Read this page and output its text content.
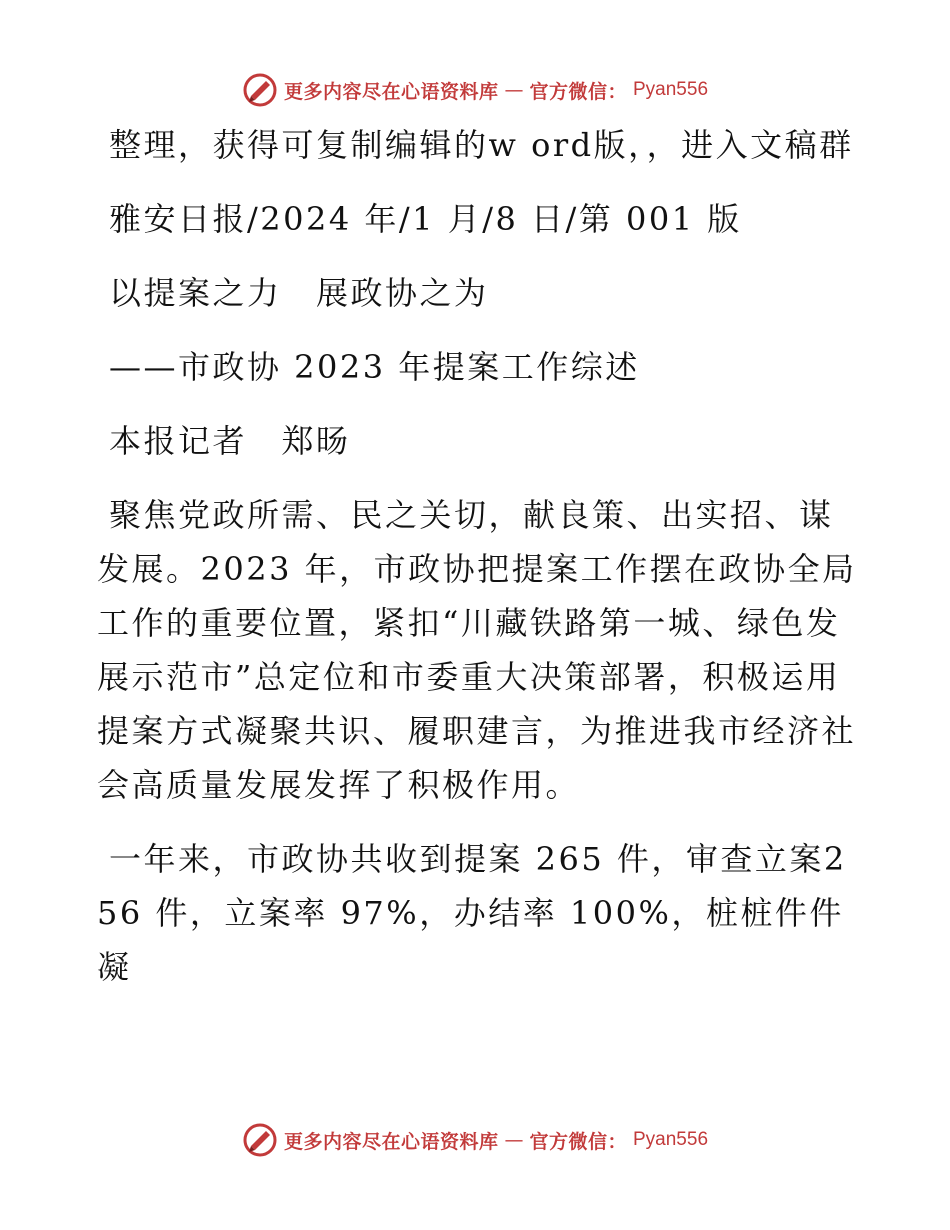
更多内容尽在心语资料库 — 官方微信： Pyan556

整理，获得可复制编辑的w ord版，，进入文稿群

雅安日报/2024 年/1 月/8 日/第 001 版

以提案之力　展政协之为

——市政协 2023 年提案工作综述

本报记者　郑旸

聚焦党政所需、民之关切，献良策、出实招、谋发展。2023 年，市政协把提案工作摆在政协全局工作的重要位置，紧扣“川藏铁路第一城、绿色发展示范市”总定位和市委重大决策部署，积极运用提案方式凝聚共识、履职建言，为推进我市经济社会高质量发展发挥了积极作用。

一年来，市政协共收到提案 265 件，审查立案256 件，立案率 97%，办结率 100%，桩桩件件凝

更多内容尽在心语资料库 — 官方微信： Pyan556
